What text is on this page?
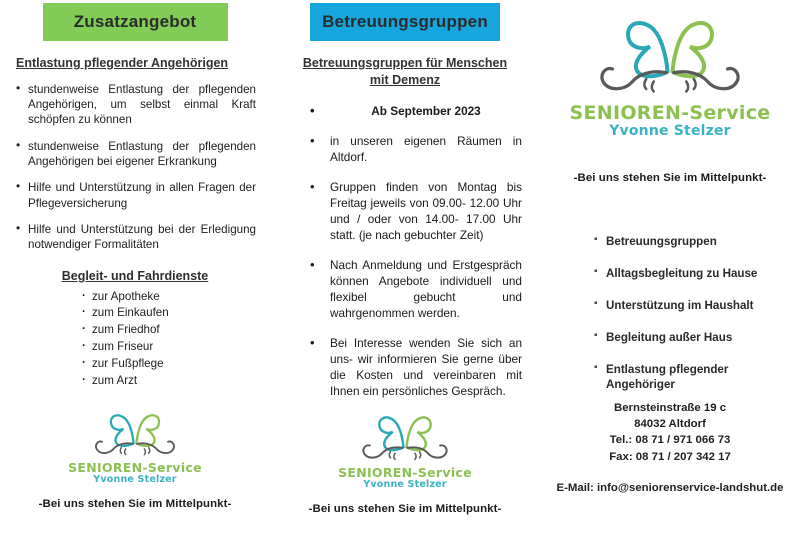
Zusatzangebot
Entlastung pflegender Angehörigen
• stundenweise Entlastung der pflegenden Angehörigen, um selbst einmal Kraft schöpfen zu können
• stundenweise Entlastung der pflegenden Angehörigen bei eigener Erkrankung
• Hilfe und Unterstützung in allen Fragen der Pflegeversicherung
• Hilfe und Unterstützung bei der Erledigung notwendiger Formalitäten
Begleit- und Fahrdienste
· zur Apotheke
· zum Einkaufen
· zum Friedhof
· zum Friseur
· zur Fußpflege
· zum Arzt
SENIOREN-Service
Yvonne Stelzer
-Bei uns stehen Sie im Mittelpunkt-
Betreuungsgruppen
Betreuungsgruppen für Menschen
mit Demenz
• Ab September 2023
• in unseren eigenen Räumen in Altdorf.
• Gruppen finden von Montag bis Freitag jeweils von 09.00- 12.00 Uhr und / oder von 14.00- 17.00 Uhr statt. (je nach gebuchter Zeit)
• Nach Anmeldung und Erstgespräch können Angebote individuell und flexibel gebucht und wahrgenommen werden.
• Bei Interesse wenden Sie sich an uns- wir informieren Sie gerne über die Kosten und vereinbaren mit Ihnen ein persönliches Gespräch.
SENIOREN-Service
Yvonne Stelzer
-Bei uns stehen Sie im Mittelpunkt-
SENIOREN-Service
Yvonne Stelzer
-Bei uns stehen Sie im Mittelpunkt-
▪ Betreuungsgruppen
▪ Alltagsbegleitung zu Hause
▪ Unterstützung im Haushalt
▪ Begleitung außer Haus
▪ Entlastung pflegender Angehöriger
Bernsteinstraße 19 c
84032 Altdorf
Tel.: 08 71 / 971 066 73
Fax: 08 71 / 207 342 17
E-Mail: info@seniorenservice-landshut.de
